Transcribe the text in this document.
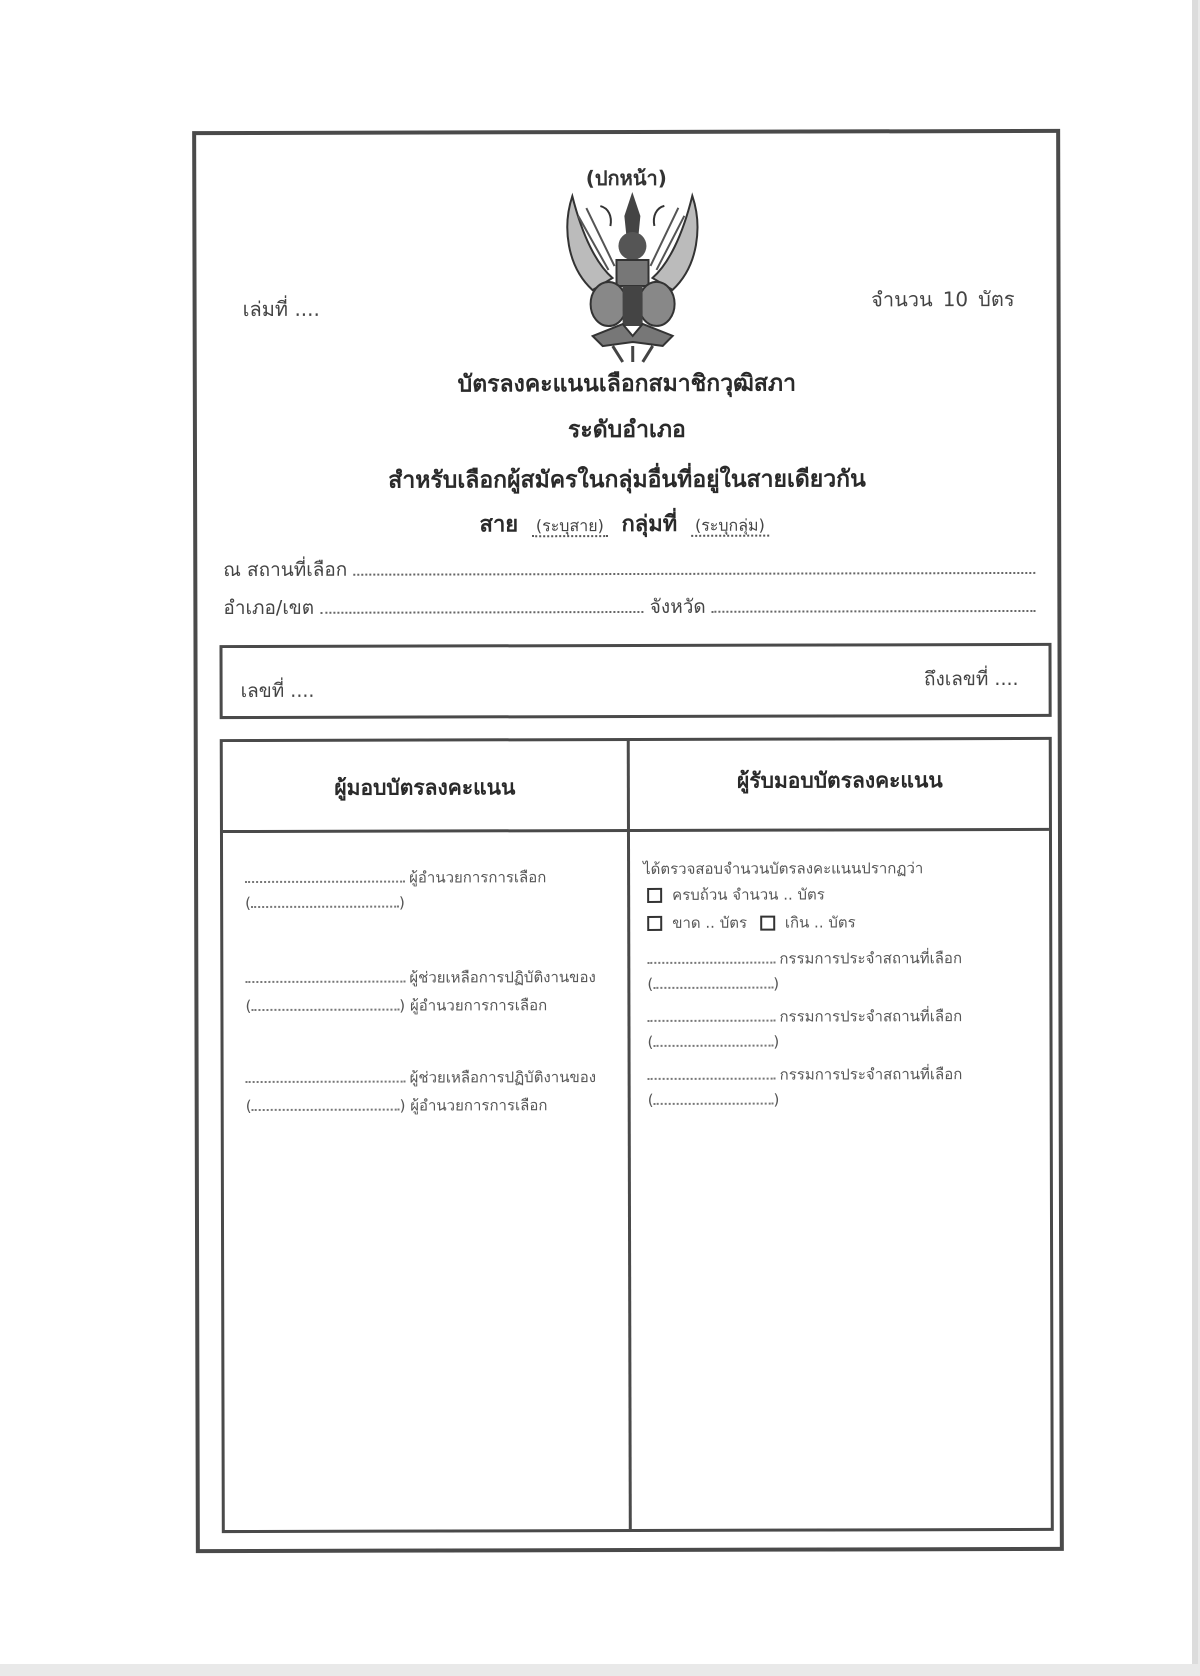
(ปกหน้า)
เล่มที่ ....	จำนวน 10 บัตร
บัตรลงคะแนนเลือกสมาชิกวุฒิสภา
ระดับอำเภอ
สำหรับเลือกผู้สมัครในกลุ่มอื่นที่อยู่ในสายเดียวกัน
สาย (ระบุสาย) กลุ่มที่ (ระบุกลุ่ม)
ณ สถานที่เลือก
อำเภอ/เขต	จังหวัด
เลขที่ ....
ถึงเลขที่ ....
ผู้มอบบัตรลงคะแนน	ผู้รับมอบบัตรลงคะแนน
ผู้อำนวยการการเลือก
(	)
ผู้ช่วยเหลือการปฏิบัติงานของ
(	) ผู้อำนวยการการเลือก
ผู้ช่วยเหลือการปฏิบัติงานของ
(	) ผู้อำนวยการการเลือก
ได้ตรวจสอบจำนวนบัตรลงคะแนนปรากฏว่า
ครบถ้วน จำนวน .. บัตร
ขาด .. บัตร	เกิน .. บัตร
กรรมการประจำสถานที่เลือก
(	)
กรรมการประจำสถานที่เลือก
(	)
กรรมการประจำสถานที่เลือก
(	)
